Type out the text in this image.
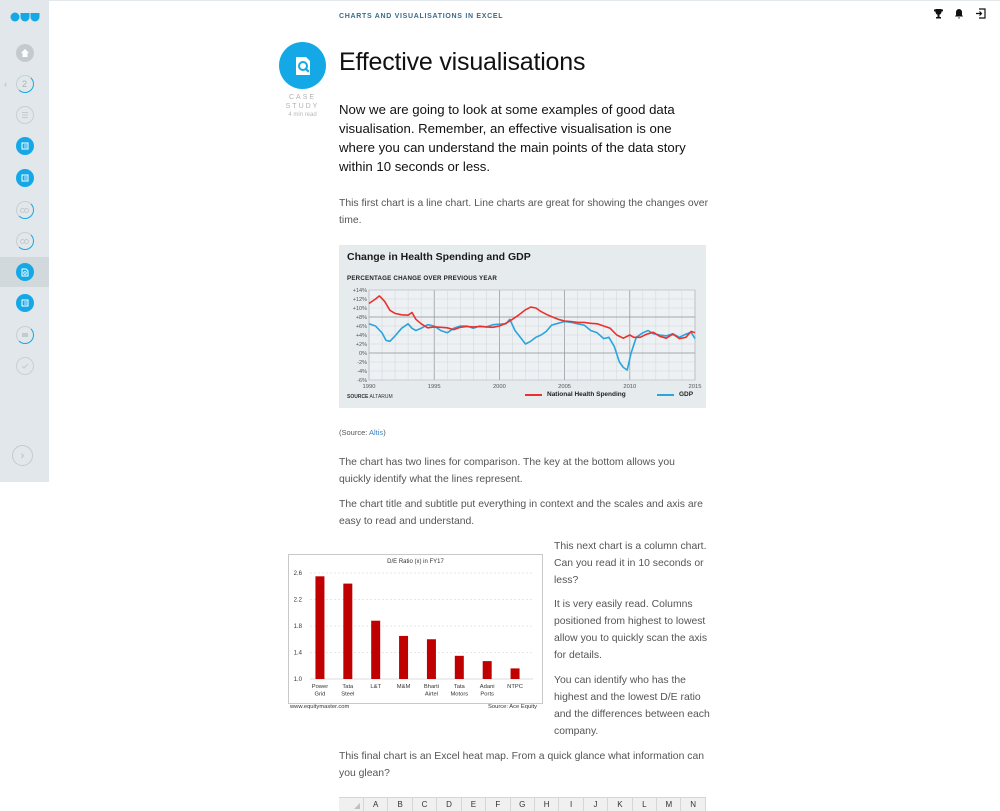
‹ 2
›
CHARTS AND VISUALISATIONS IN EXCEL
CASE
STUDY
4 min read
Effective visualisations
Now we are going to look at some examples of good data visualisation. Remember, an effective visualisation is one where you can understand the main points of the data story within 10 seconds or less.
This first chart is a line chart. Line charts are great for showing the changes over time.
Change in Health Spending and GDP
PERCENTAGE CHANGE OVER PREVIOUS YEAR
+14%
+12%
+10%
+8%
+6%
+4%
+2%
0%
-2%
-4%
-6%
1990	1995	2000	2005	2010	2015
SOURCE ALTARUM	National Health Spending	GDP
(Source: Altis)
The chart has two lines for comparison. The key at the bottom allows you quickly identify what the lines represent.
The chart title and subtitle put everything in context and the scales and axis are easy to read and understand.
D/E Ratio (x) in FY17
1.0
1.4
1.8
2.2
2.6
Power
Grid
Tata
Steel
L&T	M&M Bharti
Airtel
Tata
Motors
Adani
Ports
NTPC
www.equitymaster.com	Source: Ace Equity
This next chart is a column chart. Can you read it in 10 seconds or less?
It is very easily read. Columns positioned from highest to lowest allow you to quickly scan the axis for details.
You can identify who has the highest and the lowest D/E ratio and the differences between each company.
This final chart is an Excel heat map. From a quick glance what information can you glean?
A	B	C	D	E	F	G	H	I	J	K	L	M	N
